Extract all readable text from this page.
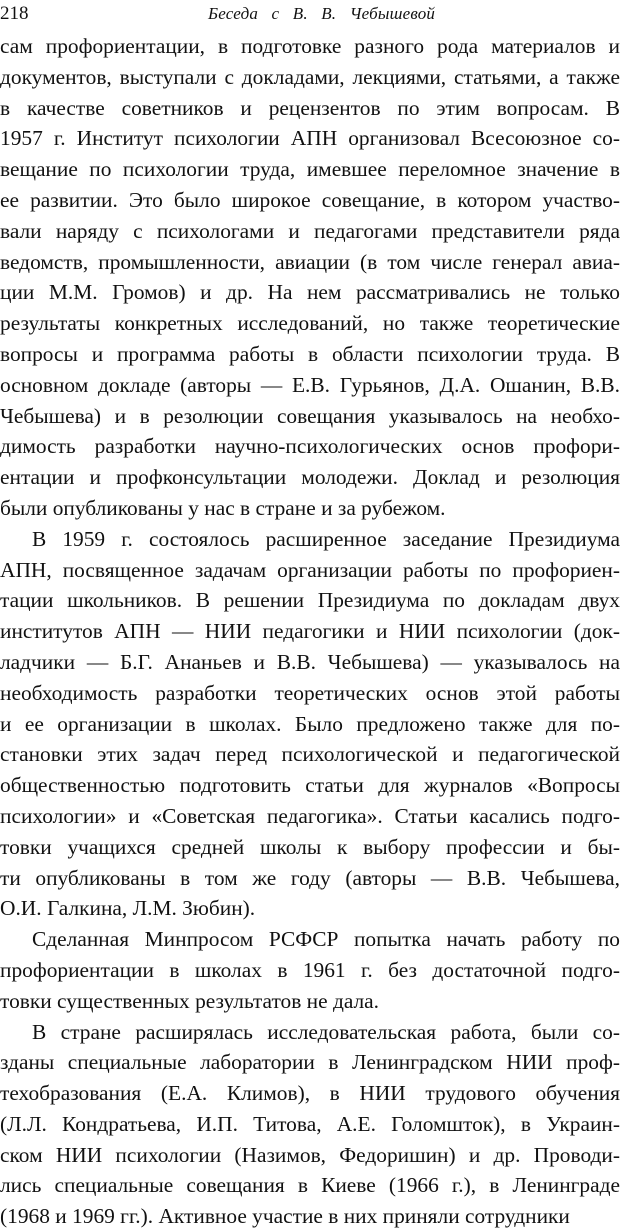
218	Беседа с В. В. Чебышевой
сам профориентации, в подготовке разного рода материалов и
документов, выступали с докладами, лекциями, статьями, а также
в качестве советников и рецензентов по этим вопросам. В
1957 г. Институт психологии АПН организовал Всесоюзное со-
вещание по психологии труда, имевшее переломное значение в
ее развитии. Это было широкое совещание, в котором участво-
вали наряду с психологами и педагогами представители ряда
ведомств, промышленности, авиации (в том числе генерал авиа-
ции М.М. Громов) и др. На нем рассматривались не только
результаты конкретных исследований, но также теоретические
вопросы и программа работы в области психологии труда. В
основном докладе (авторы — Е.В. Гурьянов, Д.А. Ошанин, В.В.
Чебышева) и в резолюции совещания указывалось на необхо-
димость разработки научно-психологических основ профори-
ентации и профконсультации молодежи. Доклад и резолюция
были опубликованы у нас в стране и за рубежом.
В 1959 г. состоялось расширенное заседание Президиума
АПН, посвященное задачам организации работы по профориен-
тации школьников. В решении Президиума по докладам двух
институтов АПН — НИИ педагогики и НИИ психологии (док-
ладчики — Б.Г. Ананьев и В.В. Чебышева) — указывалось на
необходимость разработки теоретических основ этой работы
и ее организации в школах. Было предложено также для по-
становки этих задач перед психологической и педагогической
общественностью подготовить статьи для журналов «Вопросы
психологии» и «Советская педагогика». Статьи касались подго-
товки учащихся средней школы к выбору профессии и бы-
ти опубликованы в том же году (авторы — В.В. Чебышева,
О.И. Галкина, Л.М. Зюбин).
Сделанная Минпросом РСФСР попытка начать работу по
профориентации в школах в 1961 г. без достаточной подго-
товки существенных результатов не дала.
В стране расширялась исследовательская работа, были со-
зданы специальные лаборатории в Ленинградском НИИ проф-
техобразования (Е.А. Климов), в НИИ трудового обучения
(Л.Л. Кондратьева, И.П. Титова, А.Е. Голомшток), в Украин-
ском НИИ психологии (Назимов, Федоришин) и др. Проводи-
лись специальные совещания в Киеве (1966 г.), в Ленинграде
(1968 и 1969 гг.). Активное участие в них приняли сотрудники
